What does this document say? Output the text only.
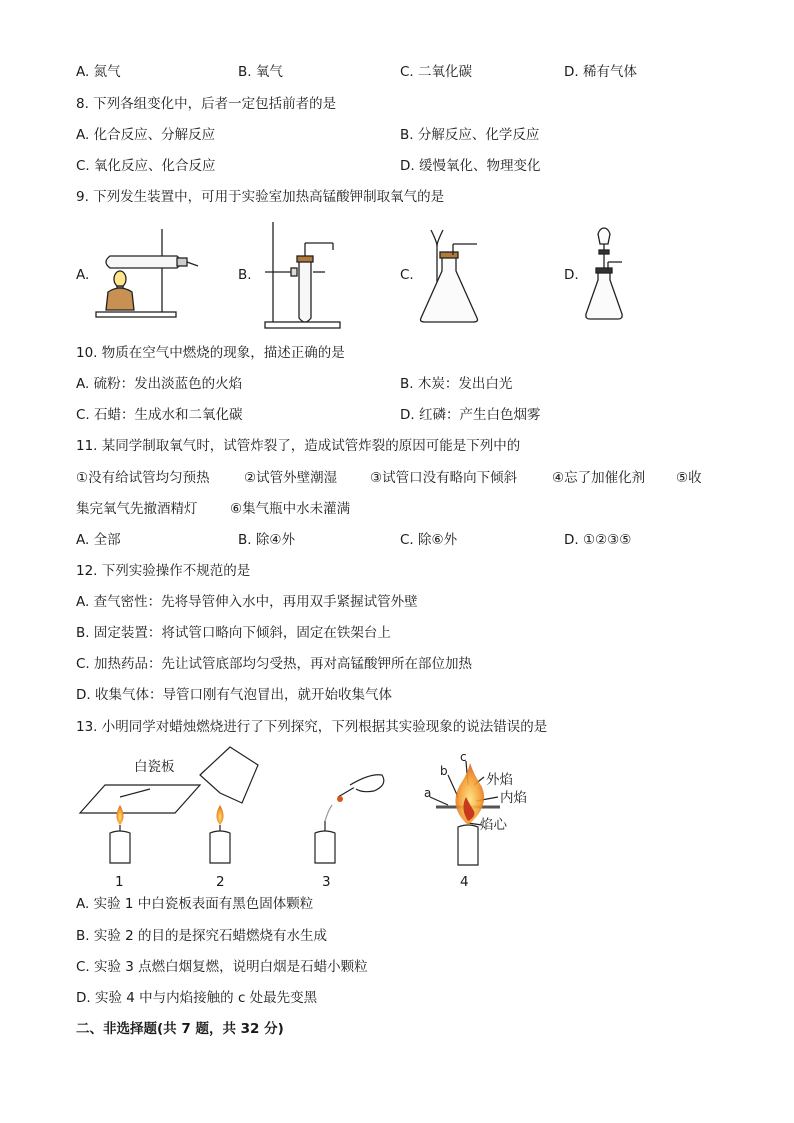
A. 氮气	B. 氧气	C. 二氧化碳	D. 稀有气体
8. 下列各组变化中，后者一定包括前者的是
A. 化合反应、分解反应	B. 分解反应、化学反应
C. 氧化反应、化合反应	D. 缓慢氧化、物理变化
9. 下列发生装置中，可用于实验室加热高锰酸钾制取氧气的是
A.	B.	C.	D.
10. 物质在空气中燃烧的现象，描述正确的是
A. 硫粉：发出淡蓝色的火焰	B. 木炭：发出白光
C. 石蜡：生成水和二氧化碳	D. 红磷：产生白色烟雾
11. 某同学制取氧气时，试管炸裂了，造成试管炸裂的原因可能是下列中的
①没有给试管均匀预热	②试管外壁潮湿 ③试管口没有略向下倾斜	④忘了加催化剂 ⑤收
集完氧气先撤酒精灯 ⑥集气瓶中水未灌满
A. 全部	B. 除④外	C. 除⑥外	D. ①②③⑤
12. 下列实验操作不规范的是
A. 查气密性：先将导管伸入水中，再用双手紧握试管外壁
B. 固定装置：将试管口略向下倾斜，固定在铁架台上
C. 加热药品：先让试管底部均匀受热，再对高锰酸钾所在部位加热
D. 收集气体：导管口刚有气泡冒出，就开始收集气体
13. 小明同学对蜡烛燃烧进行了下列探究，下列根据其实验现象的说法错误的是
白瓷板
外焰
内焰
焰心
a
b
c
1	2	3	4
A. 实验 1 中白瓷板表面有黑色固体颗粒
B. 实验 2 的目的是探究石蜡燃烧有水生成
C. 实验 3 点燃白烟复燃，说明白烟是石蜡小颗粒
D. 实验 4 中与内焰接触的 c 处最先变黑
二、非选择题(共 7 题，共 32 分)
